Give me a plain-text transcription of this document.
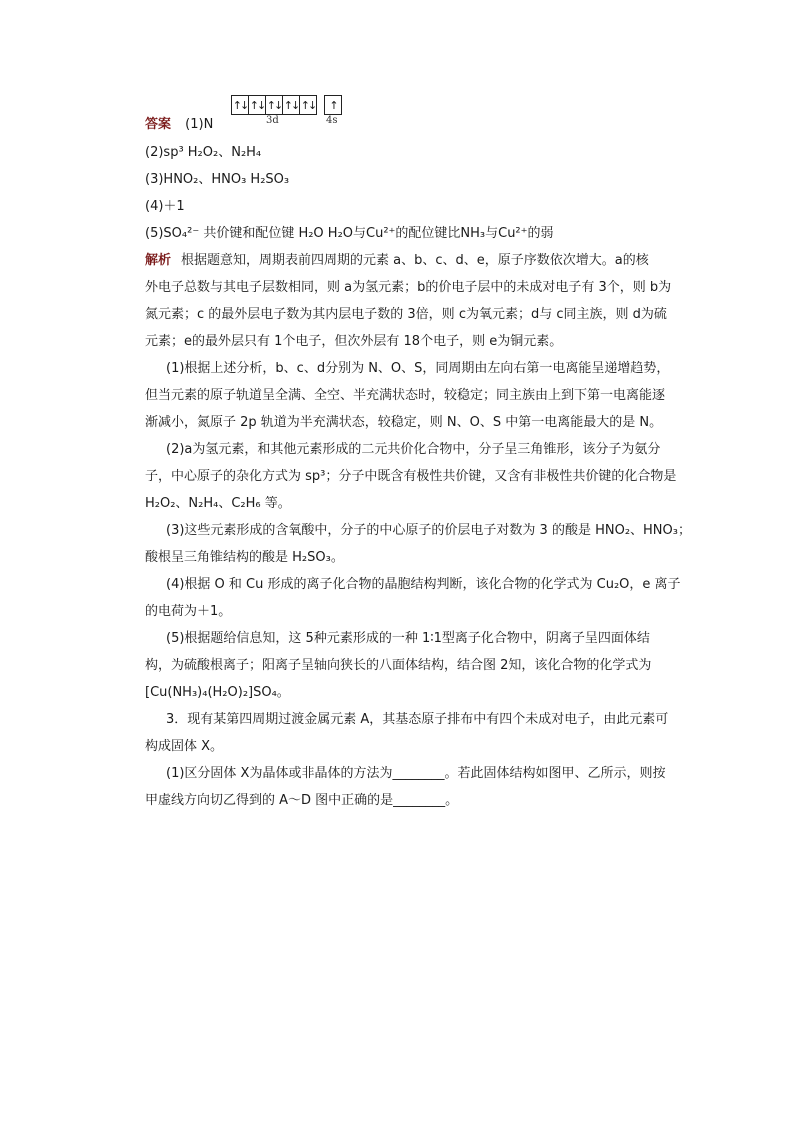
答案 (1)N
↑↓ ↑↓ ↑↓ ↑↓ ↑↓	↑
3d	4s
(2)sp³ H₂O₂、N₂H₄
(3)HNO₂、HNO₃ H₂SO₃
(4)＋1
(5)SO₄²⁻ 共价键和配位键 H₂O H₂O与Cu²⁺的配位键比NH₃与Cu²⁺的弱
解析 根据题意知，周期表前四周期的元素 a、b、c、d、e，原子序数依次增大。a的核
外电子总数与其电子层数相同，则 a为氢元素；b的价电子层中的未成对电子有 3个，则 b为
氮元素；c 的最外层电子数为其内层电子数的 3倍，则 c为氧元素；d与 c同主族，则 d为硫
元素；e的最外层只有 1个电子，但次外层有 18个电子，则 e为铜元素。
(1)根据上述分析，b、c、d分别为 N、O、S，同周期由左向右第一电离能呈递增趋势，
但当元素的原子轨道呈全满、全空、半充满状态时，较稳定；同主族由上到下第一电离能逐
渐减小，氮原子 2p 轨道为半充满状态，较稳定，则 N、O、S 中第一电离能最大的是 N。
(2)a为氢元素，和其他元素形成的二元共价化合物中，分子呈三角锥形，该分子为氨分
子，中心原子的杂化方式为 sp³；分子中既含有极性共价键，又含有非极性共价键的化合物是
H₂O₂、N₂H₄、C₂H₆ 等。
(3)这些元素形成的含氧酸中，分子的中心原子的价层电子对数为 3 的酸是 HNO₂、HNO₃；
酸根呈三角锥结构的酸是 H₂SO₃。
(4)根据 O 和 Cu 形成的离子化合物的晶胞结构判断，该化合物的化学式为 Cu₂O，e 离子
的电荷为＋1。
(5)根据题给信息知，这 5种元素形成的一种 1∶1型离子化合物中，阴离子呈四面体结
构，为硫酸根离子；阳离子呈轴向狭长的八面体结构，结合图 2知，该化合物的化学式为
[Cu(NH₃)₄(H₂O)₂]SO₄。
3．现有某第四周期过渡金属元素 A，其基态原子排布中有四个未成对电子，由此元素可
构成固体 X。
(1)区分固体 X为晶体或非晶体的方法为________。若此固体结构如图甲、乙所示，则按
甲虚线方向切乙得到的 A～D 图中正确的是________。
